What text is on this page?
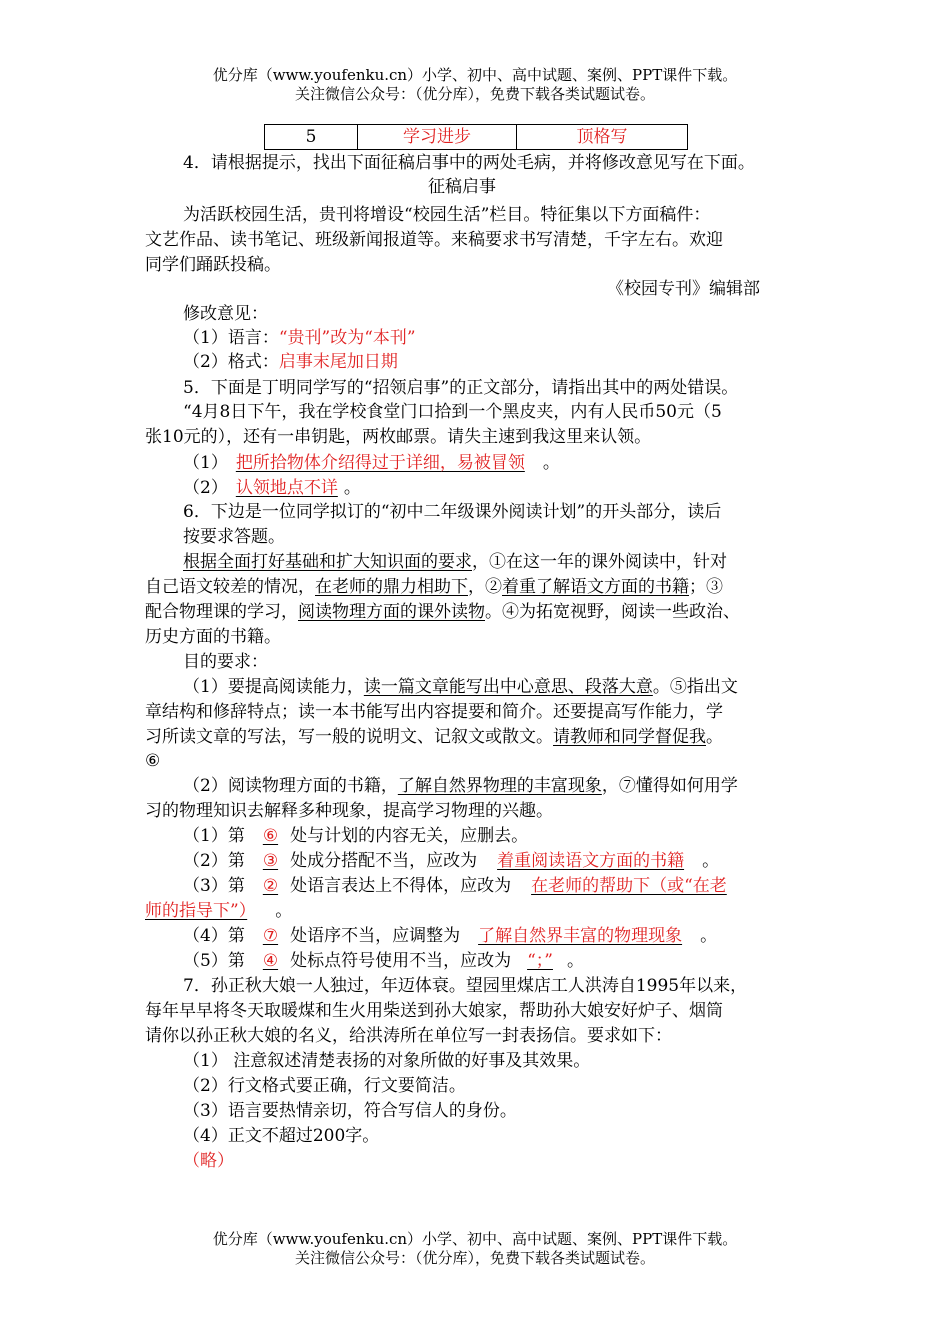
优分库（www.youfenku.cn）小学、初中、高中试题、案例、PPT课件下载。
关注微信公众号：（优分库），免费下载各类试题试卷。
5	学习进步	顶格写
4．请根据提示，找出下面征稿启事中的两处毛病，并将修改意见写在下面。
征稿启事
为活跃校园生活，贵刊将增设“校园生活”栏目。特征集以下方面稿件：
文艺作品、读书笔记、班级新闻报道等。来稿要求书写清楚，千字左右。欢迎
同学们踊跃投稿。
《校园专刊》编辑部
修改意见：
（1）语言：“贵刊”改为“本刊”
（2）格式：启事末尾加日期
5．下面是丁明同学写的“招领启事”的正文部分，请指出其中的两处错误。
“4月8日下午，我在学校食堂门口拾到一个黑皮夹，内有人民币50元（5
张10元的），还有一串钥匙，两枚邮票。请失主速到我这里来认领。
（1） 把所拾物体介绍得过于详细，易被冒领 。
（2） 认领地点不详 。
6．下边是一位同学拟订的“初中二年级课外阅读计划”的开头部分，读后
按要求答题。
根据全面打好基础和扩大知识面的要求，①在这一年的课外阅读中，针对
自己语文较差的情况，在老师的鼎力相助下，②着重了解语文方面的书籍；③
配合物理课的学习，阅读物理方面的课外读物。④为拓宽视野，阅读一些政治、
历史方面的书籍。
目的要求：
（1）要提高阅读能力，读一篇文章能写出中心意思、段落大意。⑤指出文
章结构和修辞特点；读一本书能写出内容提要和简介。还要提高写作能力，学
习所读文章的写法，写一般的说明文、记叙文或散文。请教师和同学督促我。
⑥
（2）阅读物理方面的书籍，了解自然界物理的丰富现象，⑦懂得如何用学
习的物理知识去解释多种现象，提高学习物理的兴趣。
（1）第 ⑥ 处与计划的内容无关，应删去。
（2）第 ③ 处成分搭配不当，应改为 着重阅读语文方面的书籍 。
（3）第 ② 处语言表达上不得体，应改为 在老师的帮助下（或“在老
师的指导下”） 。
（4）第 ⑦ 处语序不当，应调整为 了解自然界丰富的物理现象 。
（5）第 ④ 处标点符号使用不当，应改为 “；” 。
7．孙正秋大娘一人独过，年迈体衰。望园里煤店工人洪涛自1995年以来，
每年早早将冬天取暖煤和生火用柴送到孙大娘家，帮助孙大娘安好炉子、烟筒
请你以孙正秋大娘的名义，给洪涛所在单位写一封表扬信。要求如下：
（1） 注意叙述清楚表扬的对象所做的好事及其效果。
（2）行文格式要正确，行文要简洁。
（3）语言要热情亲切，符合写信人的身份。
（4）正文不超过200字。
（略）
优分库（www.youfenku.cn）小学、初中、高中试题、案例、PPT课件下载。
关注微信公众号：（优分库），免费下载各类试题试卷。
